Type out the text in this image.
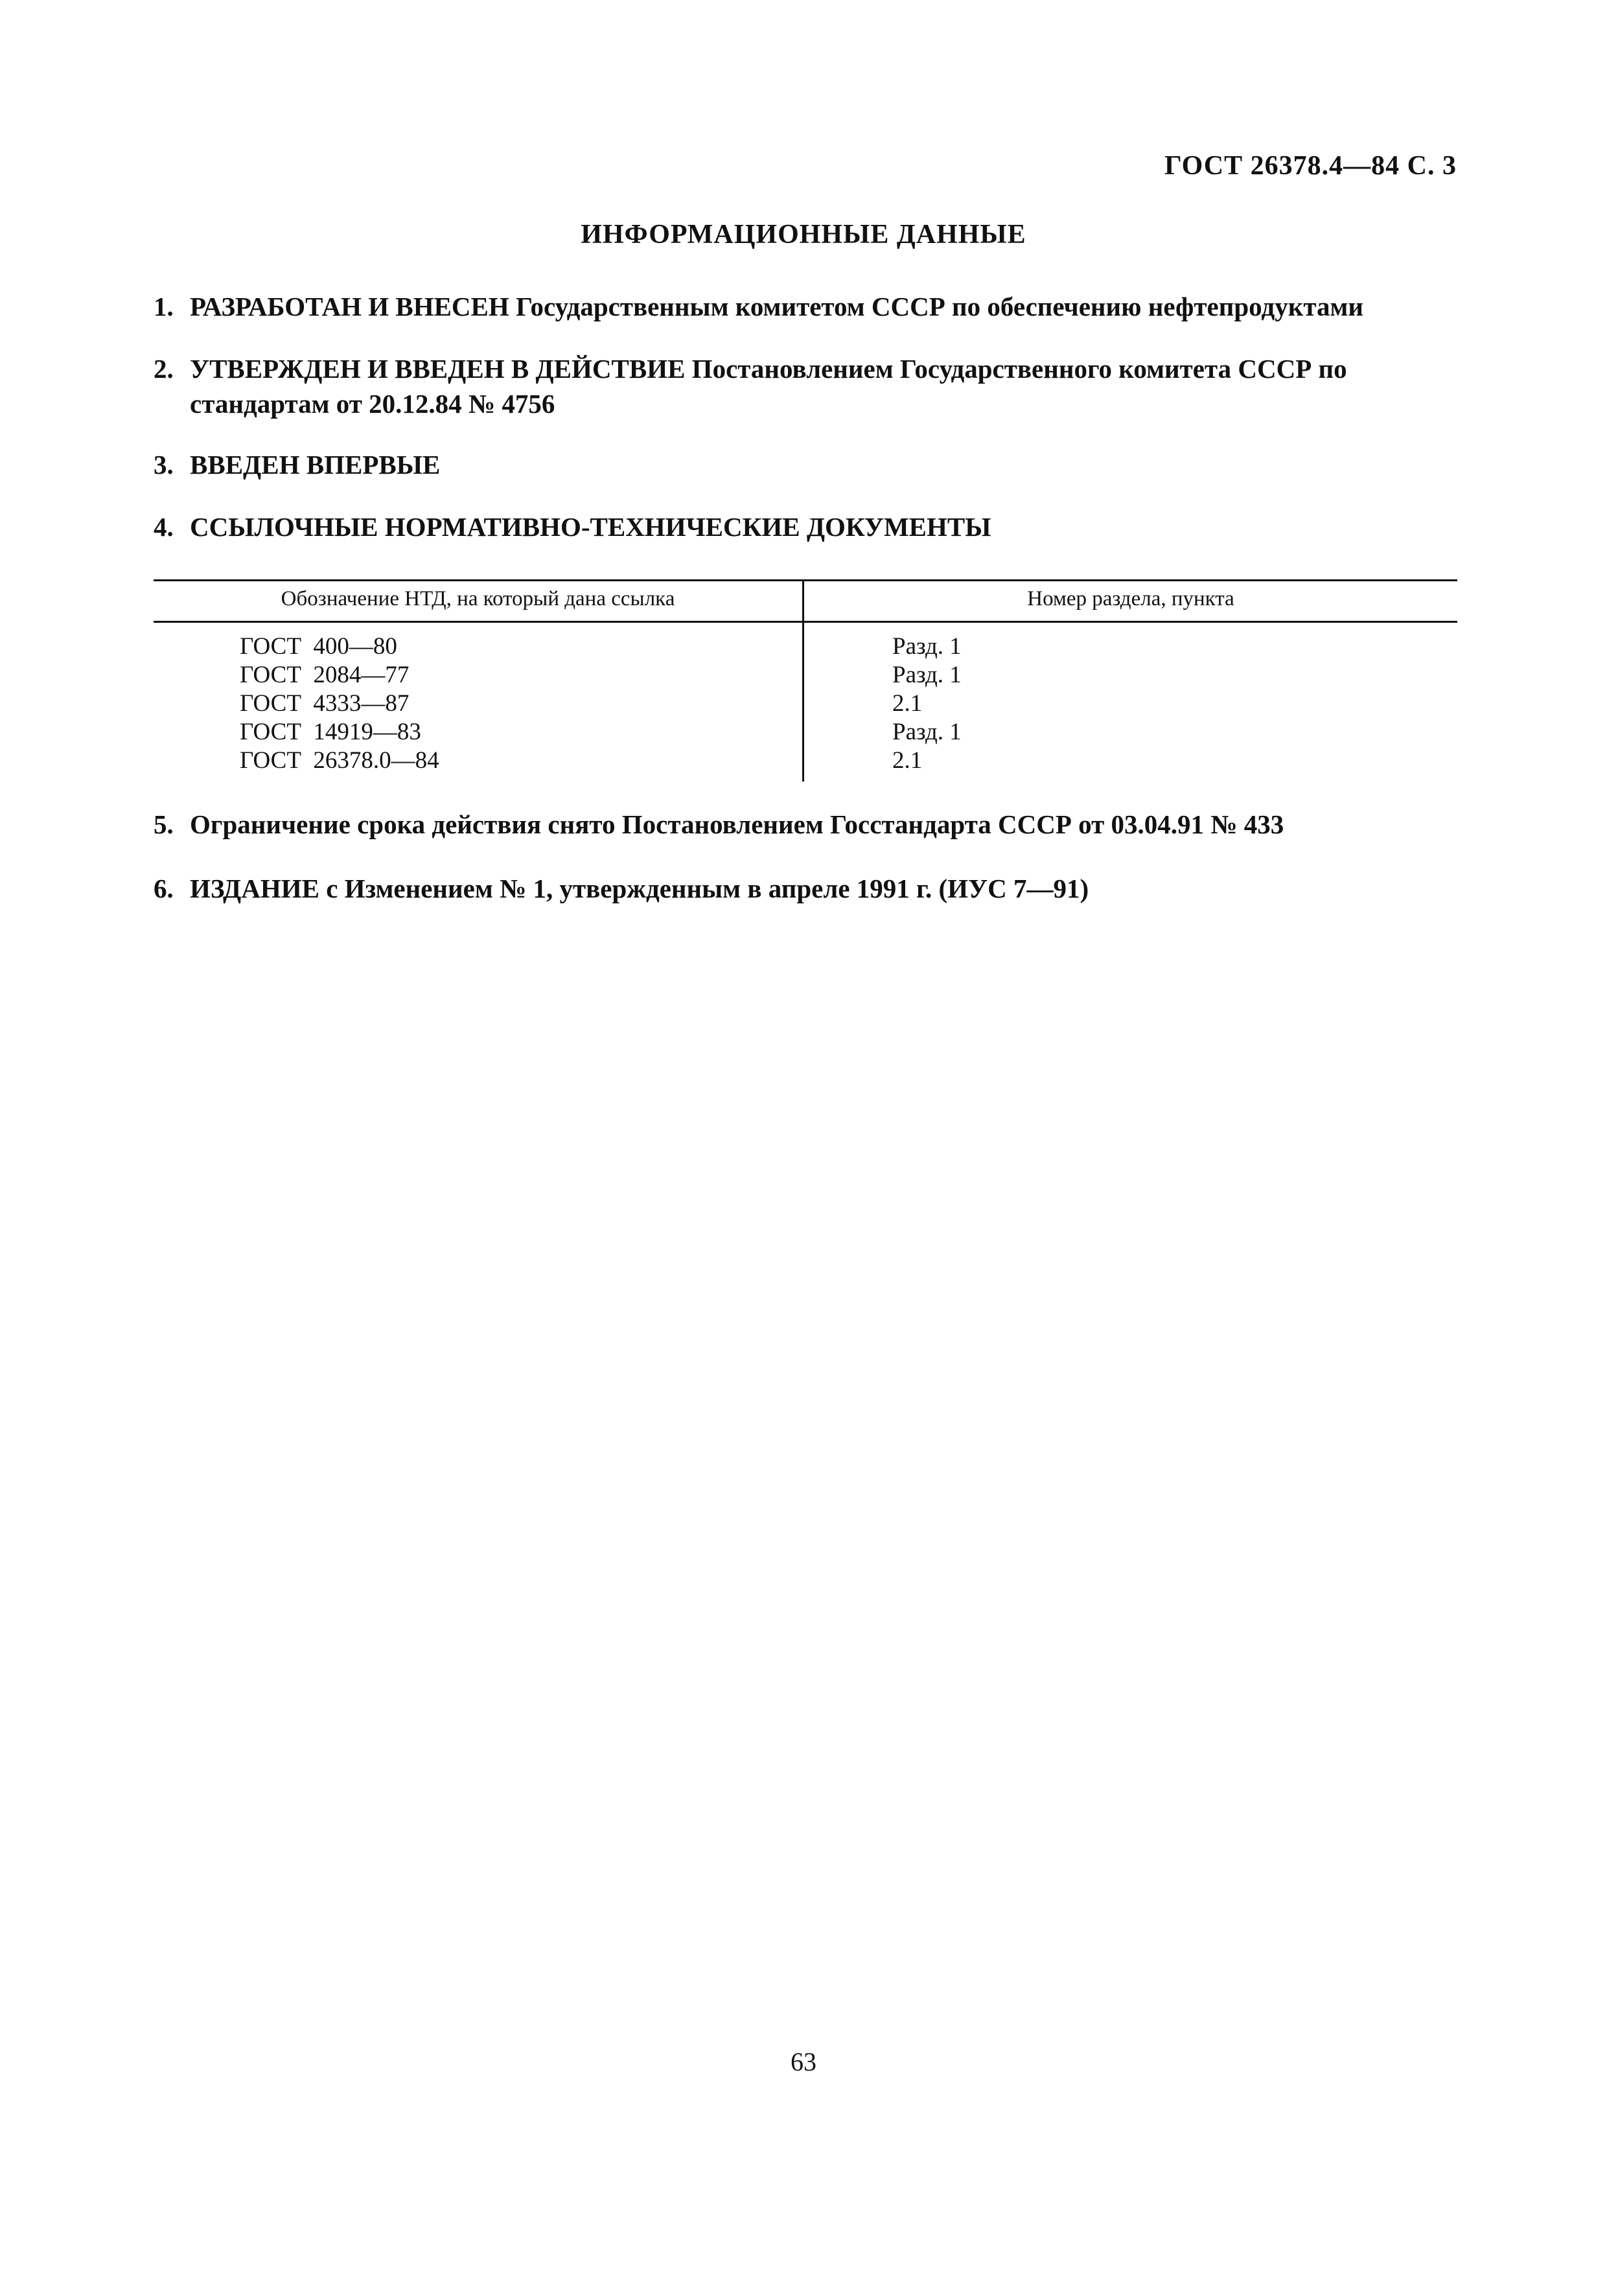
ГОСТ 26378.4—84 С. 3
ИНФОРМАЦИОННЫЕ ДАННЫЕ
1. РАЗРАБОТАН И ВНЕСЕН Государственным комитетом СССР по обеспечению нефтепродуктами
2. УТВЕРЖДЕН И ВВЕДЕН В ДЕЙСТВИЕ Постановлением Государственного комитета СССР по стандартам от 20.12.84 № 4756
3. ВВЕДЕН ВПЕРВЫЕ
4. ССЫЛОЧНЫЕ НОРМАТИВНО-ТЕХНИЧЕСКИЕ ДОКУМЕНТЫ
Обозначение НТД, на который дана ссылка	Номер раздела, пункта
ГОСТ  400—80	Разд. 1
ГОСТ  2084—77	Разд. 1
ГОСТ  4333—87	2.1
ГОСТ  14919—83	Разд. 1
ГОСТ  26378.0—84	2.1
5. Ограничение срока действия снято Постановлением Госстандарта СССР от 03.04.91 № 433
6. ИЗДАНИЕ с Изменением № 1, утвержденным в апреле 1991 г. (ИУС 7—91)
63
